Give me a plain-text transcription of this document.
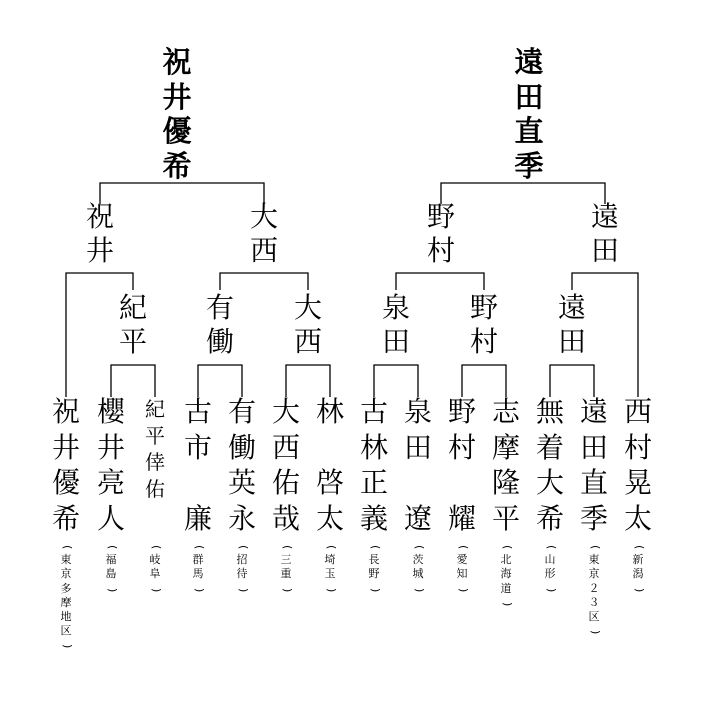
祝
井
優
希
遠
田
直
季
祝
井
大
西
野
村
遠
田
紀
平
有
働
大
西
泉
田
野
村
遠
田
祝
井
優
希
(
東
京
多
摩
地
区
)
櫻
井
亮
人
(
福
島
)
紀
平
倖
佑
(
岐
阜
)
古
市

廉
(
群
馬
)
有
働
英
永
(
招
待
)
大
西
佑
哉
(
三
重
)
林

啓
太
(
埼
玉
)
古
林
正
義
(
長
野
)
泉
田

遼
(
茨
城
)
野
村

耀
(
愛
知
)
志
摩
隆
平
(
北
海
道
)
無
着
大
希
(
山
形
)
遠
田
直
季
(
東
京
２
３
区
)
西
村
晃
太
(
新
潟
)
